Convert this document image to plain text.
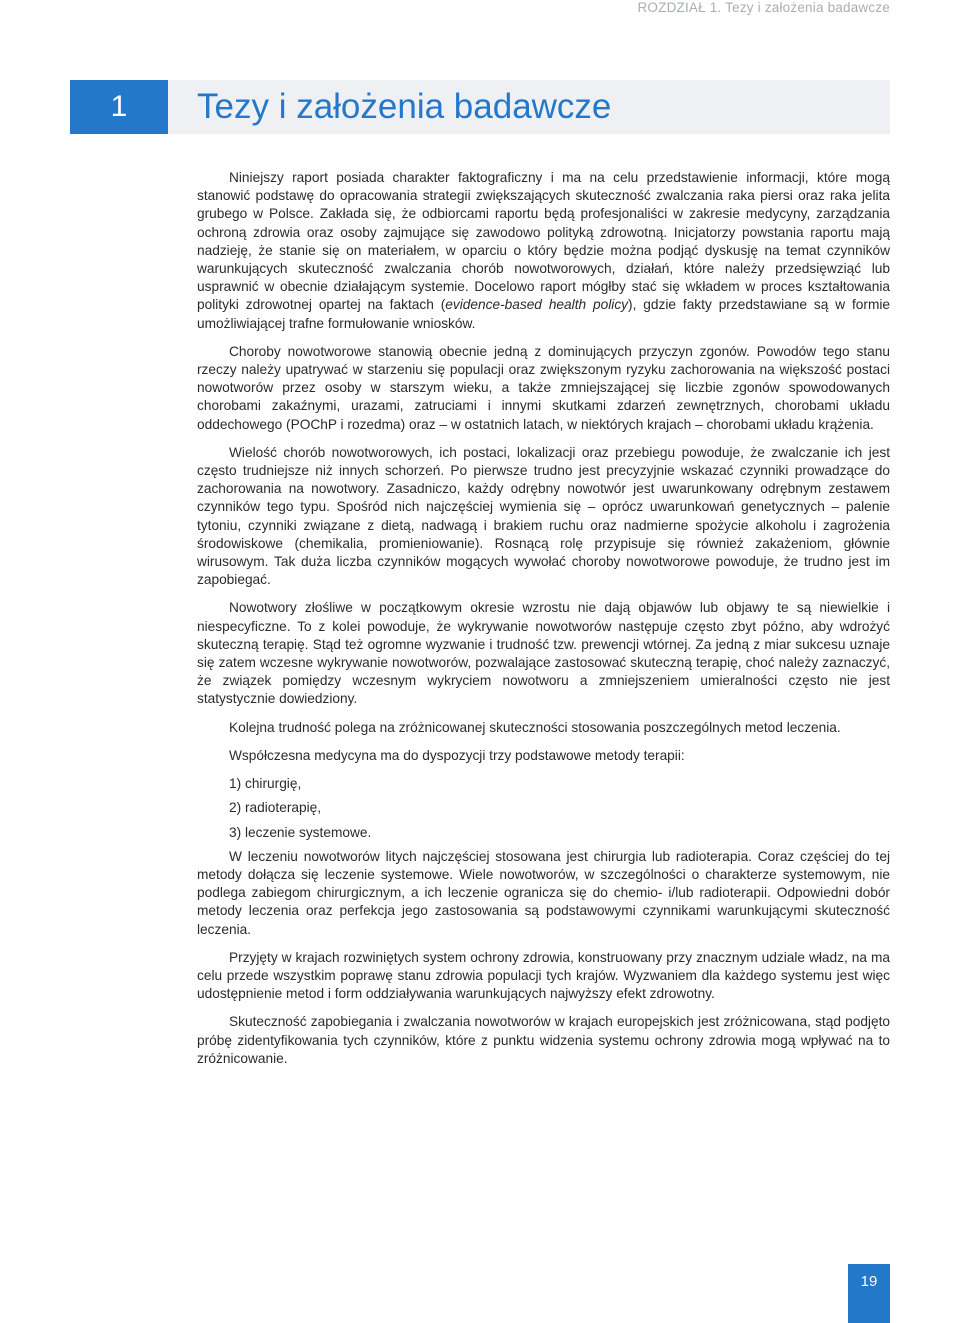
ROZDZIAŁ 1. Tezy i założenia badawcze
1	Tezy i założenia badawcze

Niniejszy raport posiada charakter faktograficzny i ma na celu przedstawienie informacji, które mogą stanowić podstawę do opracowania strategii zwiększających skuteczność zwalczania raka piersi oraz raka jelita grubego w Polsce. Zakłada się, że odbiorcami raportu będą profesjonaliści w zakresie medycyny, zarządzania ochroną zdrowia oraz osoby zajmujące się zawodowo polityką zdrowotną. Inicjatorzy powstania raportu mają nadzieję, że stanie się on materiałem, w oparciu o który będzie można podjąć dyskusję na temat czynników warunkujących skuteczność zwalczania chorób nowotworowych, działań, które należy przedsięwziąć lub usprawnić w obecnie działającym systemie. Docelowo raport mógłby stać się wkładem w proces kształtowania polityki zdrowotnej opartej na faktach (evidence-based health policy), gdzie fakty przedstawiane są w formie umożliwiającej trafne formułowanie wniosków.

Choroby nowotworowe stanowią obecnie jedną z dominujących przyczyn zgonów. Powodów tego stanu rzeczy należy upatrywać w starzeniu się populacji oraz zwiększonym ryzyku zachorowania na większość postaci nowotworów przez osoby w starszym wieku, a także zmniejszającej się liczbie zgonów spowodowanych chorobami zakaźnymi, urazami, zatruciami i innymi skutkami zdarzeń zewnętrznych, chorobami układu oddechowego (POChP i rozedma) oraz – w ostatnich latach, w niektórych krajach – chorobami układu krążenia.

Wielość chorób nowotworowych, ich postaci, lokalizacji oraz przebiegu powoduje, że zwalczanie ich jest często trudniejsze niż innych schorzeń. Po pierwsze trudno jest precyzyjnie wskazać czynniki prowadzące do zachorowania na nowotwory. Zasadniczo, każdy odrębny nowotwór jest uwarunkowany odrębnym zestawem czynników tego typu. Spośród nich najczęściej wymienia się – oprócz uwarunkowań genetycznych – palenie tytoniu, czynniki związane z dietą, nadwagą i brakiem ruchu oraz nadmierne spożycie alkoholu i zagrożenia środowiskowe (chemikalia, promieniowanie). Rosnącą rolę przypisuje się również zakażeniom, głównie wirusowym. Tak duża liczba czynników mogących wywołać choroby nowotworowe powoduje, że trudno jest im zapobiegać.

Nowotwory złośliwe w początkowym okresie wzrostu nie dają objawów lub objawy te są niewielkie i niespecyficzne. To z kolei powoduje, że wykrywanie nowotworów następuje często zbyt późno, aby wdrożyć skuteczną terapię. Stąd też ogromne wyzwanie i trudność tzw. prewencji wtórnej. Za jedną z miar sukcesu uznaje się zatem wczesne wykrywanie nowotworów, pozwalające zastosować skuteczną terapię, choć należy zaznaczyć, że związek pomiędzy wczesnym wykryciem nowotworu a zmniejszeniem umieralności często nie jest statystycznie dowiedziony.

Kolejna trudność polega na zróżnicowanej skuteczności stosowania poszczególnych metod leczenia.

Współczesna medycyna ma do dyspozycji trzy podstawowe metody terapii:

1) chirurgię,

2) radioterapię,

3) leczenie systemowe.

W leczeniu nowotworów litych najczęściej stosowana jest chirurgia lub radioterapia. Coraz częściej do tej metody dołącza się leczenie systemowe. Wiele nowotworów, w szczególności o charakterze systemowym, nie podlega zabiegom chirurgicznym, a ich leczenie ogranicza się do chemio- i/lub radioterapii. Odpowiedni dobór metody leczenia oraz perfekcja jego zastosowania są podstawowymi czynnikami warunkującymi skuteczność leczenia.

Przyjęty w krajach rozwiniętych system ochrony zdrowia, konstruowany przy znacznym udziale władz, na ma celu przede wszystkim poprawę stanu zdrowia populacji tych krajów. Wyzwaniem dla każdego systemu jest więc udostępnienie metod i form oddziaływania warunkujących najwyższy efekt zdrowotny.

Skuteczność zapobiegania i zwalczania nowotworów w krajach europejskich jest zróżnicowana, stąd podjęto próbę zidentyfikowania tych czynników, które z punktu widzenia systemu ochrony zdrowia mogą wpływać na to zróżnicowanie.

19
